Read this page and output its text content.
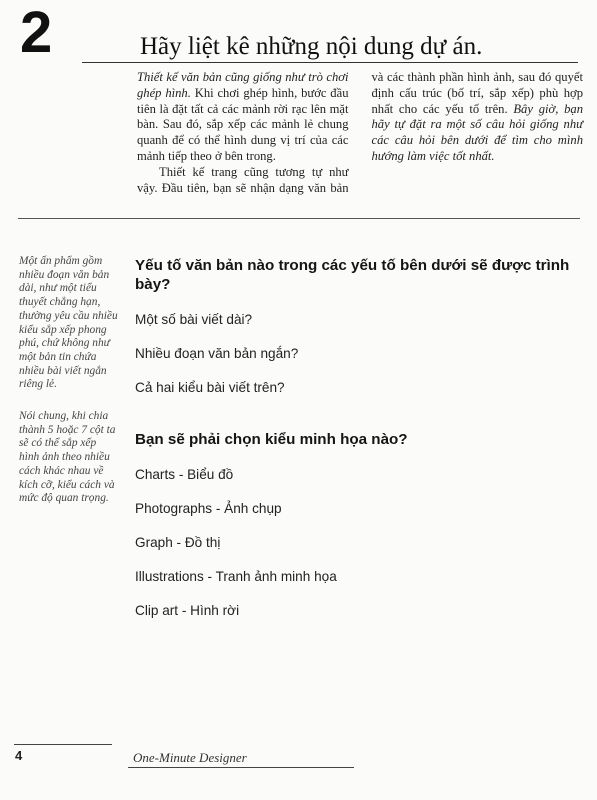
2	Hãy liệt kê những nội dung dự án.

Thiết kế văn bản cũng giống như trò chơi ghép hình. Khi chơi ghép hình, bước đầu tiên là đặt tất cả các mảnh rời rạc lên mặt bàn. Sau đó, sắp xếp các mảnh lẻ chung quanh để có thể hình dung vị trí của các mảnh tiếp theo ở bên trong.

Thiết kế trang cũng tương tự như vậy. Đầu tiên, bạn sẽ nhận dạng văn bản và các thành phần hình ảnh, sau đó quyết định cấu trúc (bố trí, sắp xếp) phù hợp nhất cho các yếu tố trên. Bây giờ, bạn hãy tự đặt ra một số câu hỏi giống như các câu hỏi bên dưới để tìm cho mình hướng làm việc tốt nhất.

Một ấn phẩm gồm nhiều đoạn văn bản dài, như một tiểu thuyết chẳng hạn, thường yêu cầu nhiều kiểu sắp xếp phong phú, chứ không như một bản tin chứa nhiều bài viết ngắn riêng lẻ.

Nói chung, khi chia thành 5 hoặc 7 cột ta sẽ có thể sắp xếp hình ảnh theo nhiều cách khác nhau về kích cỡ, kiểu cách và mức độ quan trọng.

Yếu tố văn bản nào trong các yếu tố bên dưới sẽ được trình bày?

Một số bài viết dài?

Nhiều đoạn văn bản ngắn?

Cả hai kiểu bài viết trên?

Bạn sẽ phải chọn kiểu minh họa nào?

Charts - Biểu đồ

Photographs - Ảnh chụp

Graph - Đồ thị

Illustrations - Tranh ảnh minh họa

Clip art - Hình rời

4	One-Minute Designer
